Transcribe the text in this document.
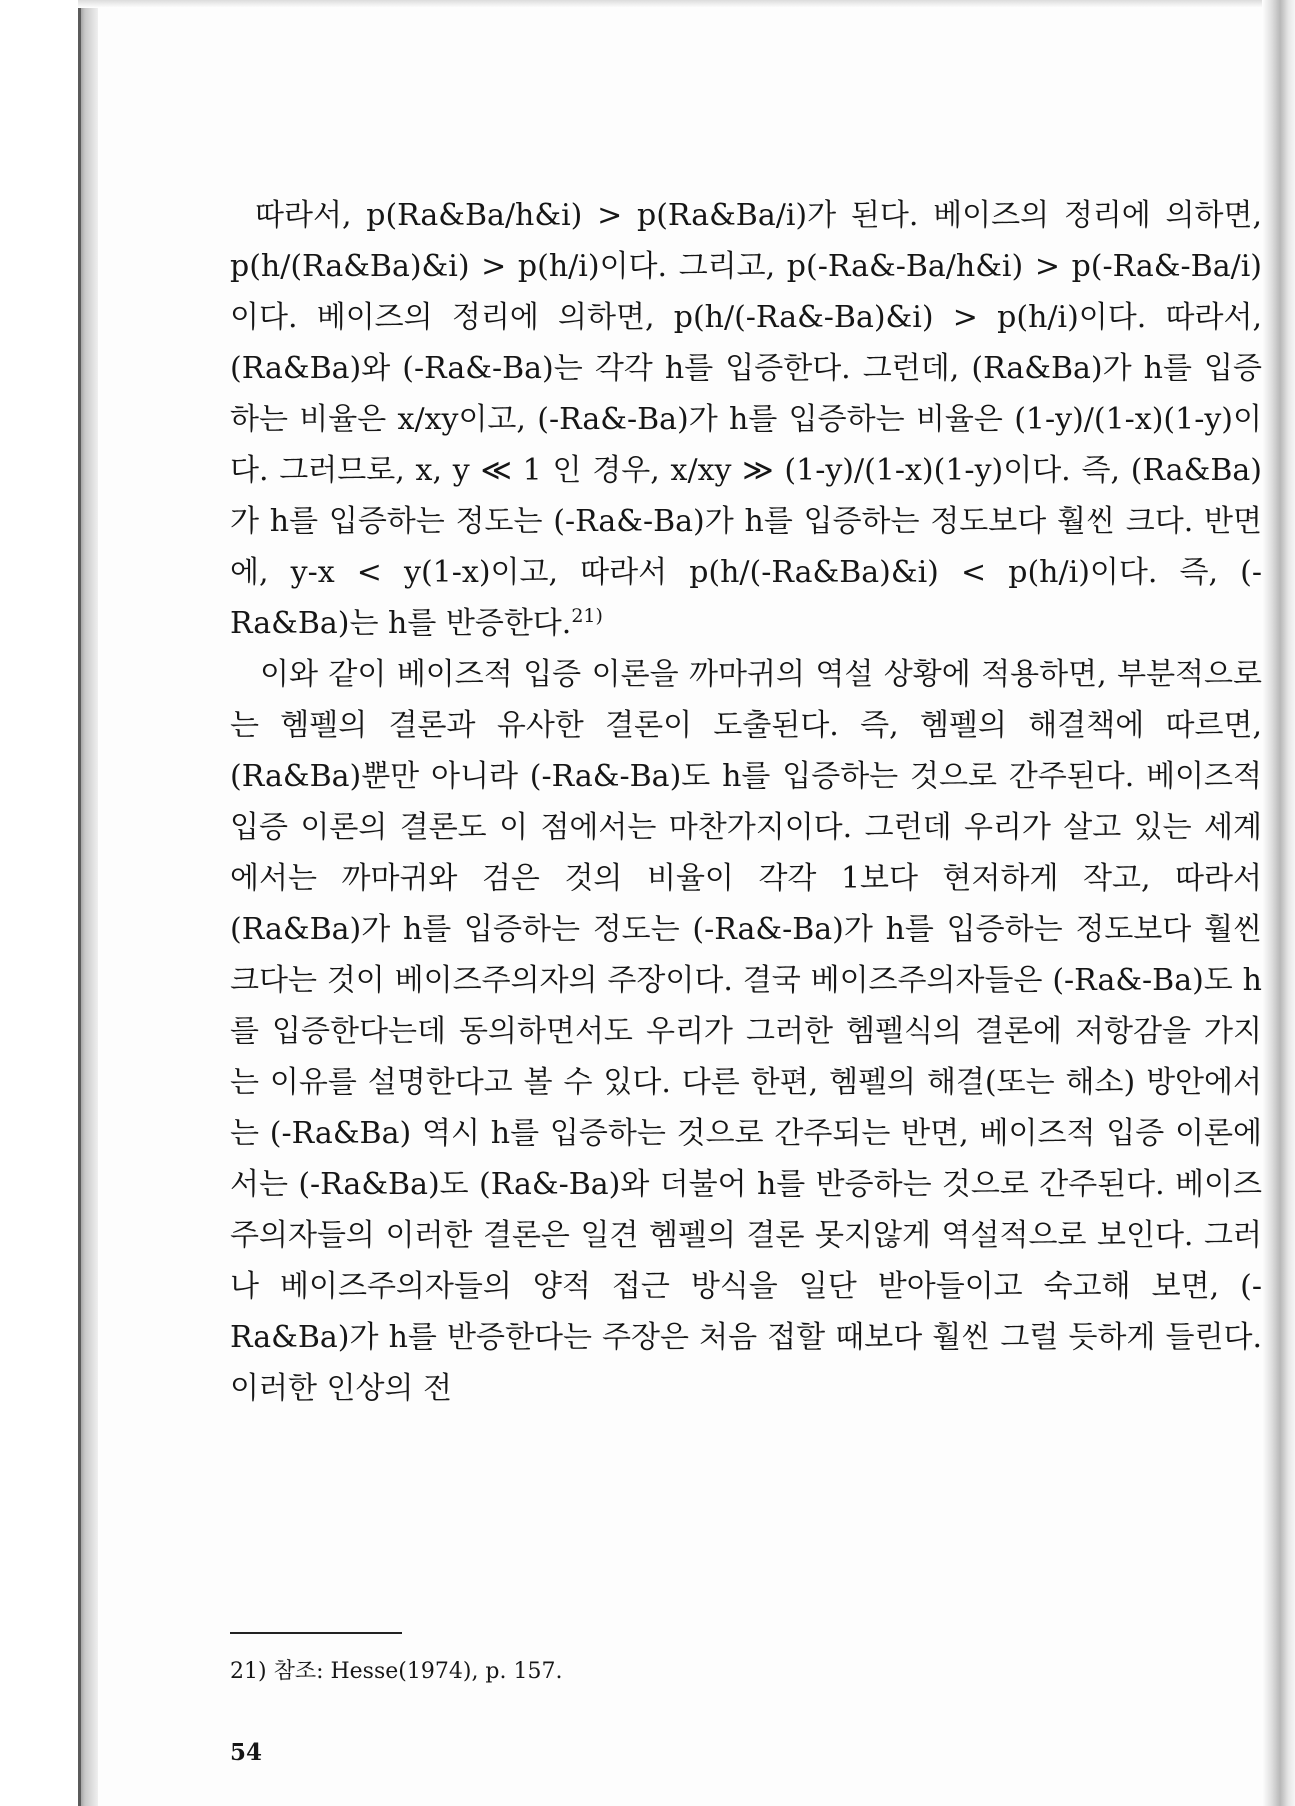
따라서, p(Ra&Ba/h&i) > p(Ra&Ba/i)가 된다. 베이즈의 정리에 의하면, p(h/(Ra&Ba)&i) > p(h/i)이다. 그리고, p(-Ra&-Ba/h&i) > p(-Ra&-Ba/i)이다. 베이즈의 정리에 의하면, p(h/(-Ra&-Ba)&i) > p(h/i)이다. 따라서, (Ra&Ba)와 (-Ra&-Ba)는 각각 h를 입증한다. 그런데, (Ra&Ba)가 h를 입증하는 비율은 x/xy이고, (-Ra&-Ba)가 h를 입증하는 비율은 (1-y)/(1-x)(1-y)이다. 그러므로, x, y ≪ 1 인 경우, x/xy ≫ (1-y)/(1-x)(1-y)이다. 즉, (Ra&Ba)가 h를 입증하는 정도는 (-Ra&-Ba)가 h를 입증하는 정도보다 훨씬 크다. 반면에, y-x < y(1-x)이고, 따라서 p(h/(-Ra&Ba)&i) < p(h/i)이다. 즉, (-Ra&Ba)는 h를 반증한다.$^{21)}$

이와 같이 베이즈적 입증 이론을 까마귀의 역설 상황에 적용하면, 부분적으로는 헴펠의 결론과 유사한 결론이 도출된다. 즉, 헴펠의 해결책에 따르면, (Ra&Ba)뿐만 아니라 (-Ra&-Ba)도 h를 입증하는 것으로 간주된다. 베이즈적 입증 이론의 결론도 이 점에서는 마찬가지이다. 그런데 우리가 살고 있는 세계에서는 까마귀와 검은 것의 비율이 각각 1보다 현저하게 작고, 따라서 (Ra&Ba)가 h를 입증하는 정도는 (-Ra&-Ba)가 h를 입증하는 정도보다 훨씬 크다는 것이 베이즈주의자의 주장이다. 결국 베이즈주의자들은 (-Ra&-Ba)도 h를 입증한다는데 동의하면서도 우리가 그러한 헴펠식의 결론에 저항감을 가지는 이유를 설명한다고 볼 수 있다. 다른 한편, 헴펠의 해결(또는 해소) 방안에서는 (-Ra&Ba) 역시 h를 입증하는 것으로 간주되는 반면, 베이즈적 입증 이론에서는 (-Ra&Ba)도 (Ra&-Ba)와 더불어 h를 반증하는 것으로 간주된다. 베이즈주의자들의 이러한 결론은 일견 헴펠의 결론 못지않게 역설적으로 보인다. 그러나 베이즈주의자들의 양적 접근 방식을 일단 받아들이고 숙고해 보면, (-Ra&Ba)가 h를 반증한다는 주장은 처음 접할 때보다 훨씬 그럴 듯하게 들린다. 이러한 인상의 전

21) 참조: Hesse(1974), p. 157.
54
